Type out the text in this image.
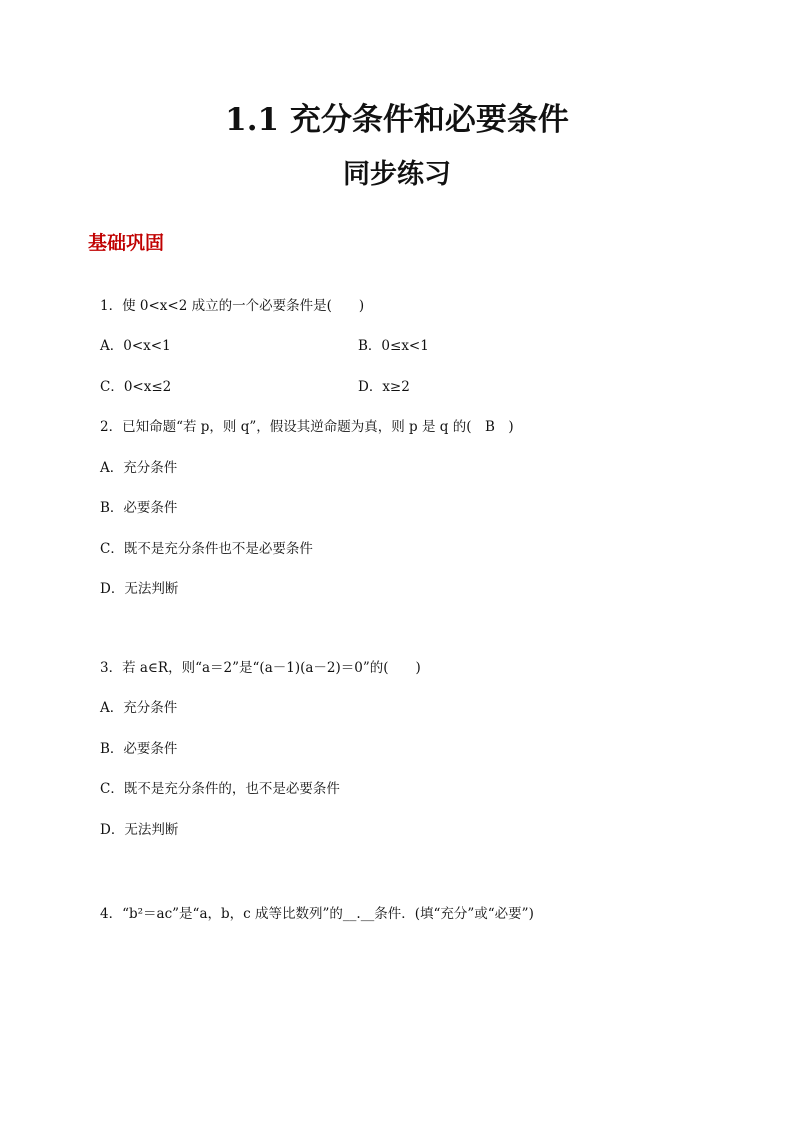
1.1 充分条件和必要条件
同步练习
基础巩固
1．使 0<x<2 成立的一个必要条件是(　　)
A．0<x<1	B．0≤x<1
C．0<x≤2	D．x≥2
2．已知命题“若 p，则 q”，假设其逆命题为真，则 p 是 q 的(　B　)
A．充分条件
B．必要条件
C．既不是充分条件也不是必要条件
D．无法判断
3．若 a∈R，则“a＝2”是“(a－1)(a－2)＝0”的(　　)
A．充分条件
B．必要条件
C．既不是充分条件的，也不是必要条件
D．无法判断
4．“b²＝ac”是“a，b，c 成等比数列”的__.__条件．(填“充分”或“必要”)
